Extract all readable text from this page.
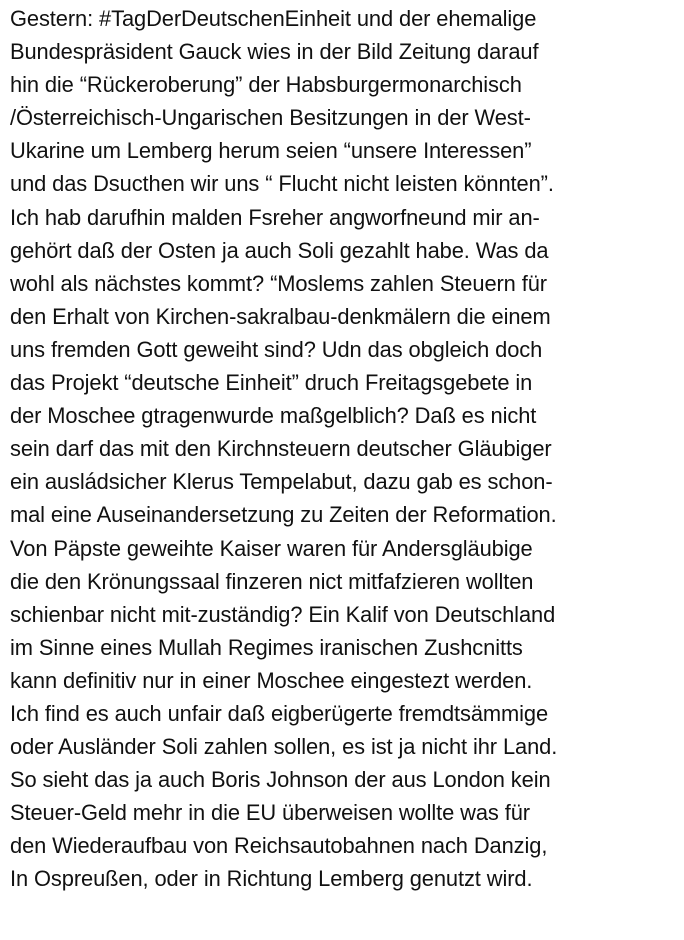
Gestern: #TagDerDeutschenEinheit und der ehemalige
Bundespräsident Gauck wies in der Bild Zeitung darauf
hin die “Rückeroberung” der Habsburgermonarchisch
/Österreichisch-Ungarischen Besitzungen in der West-
Ukarine um Lemberg herum seien “unsere Interessen”
und das Dsucthen wir uns “ Flucht nicht leisten könnten”.
Ich hab darufhin malden Fsreher angworfneund mir an-
gehört daß der Osten ja auch Soli gezahlt habe. Was da
wohl als nächstes kommt? “Moslems zahlen Steuern für
den Erhalt von Kirchen-sakralbau-denkmälern die einem
uns fremden Gott geweiht sind? Udn das obgleich doch
das Projekt “deutsche Einheit” druch Freitagsgebete in
der Moschee gtragenwurde maßgelblich? Daß es nicht
sein darf das mit den Kirchnsteuern deutscher Gläubiger
ein ausládsicher Klerus Tempelabut, dazu gab es schon-
mal eine Auseinandersetzung zu Zeiten der Reformation.
Von Päpste geweihte Kaiser waren für Andersgläubige
die den Krönungssaal finzeren nict mitfafzieren wollten
schienbar nicht mit-zuständig? Ein Kalif von Deutschland
im Sinne eines Mullah Regimes iranischen Zushcnitts
kann definitiv nur in einer Moschee eingestezt werden.
Ich find es auch unfair daß eigberügerte fremdtsämmige
oder Ausländer Soli zahlen sollen, es ist ja nicht ihr Land.
So sieht das ja auch Boris Johnson der aus London kein
Steuer-Geld mehr in die EU überweisen wollte was für
den Wiederaufbau von Reichsautobahnen nach Danzig,
In Ospreußen, oder in Richtung Lemberg genutzt wird.
